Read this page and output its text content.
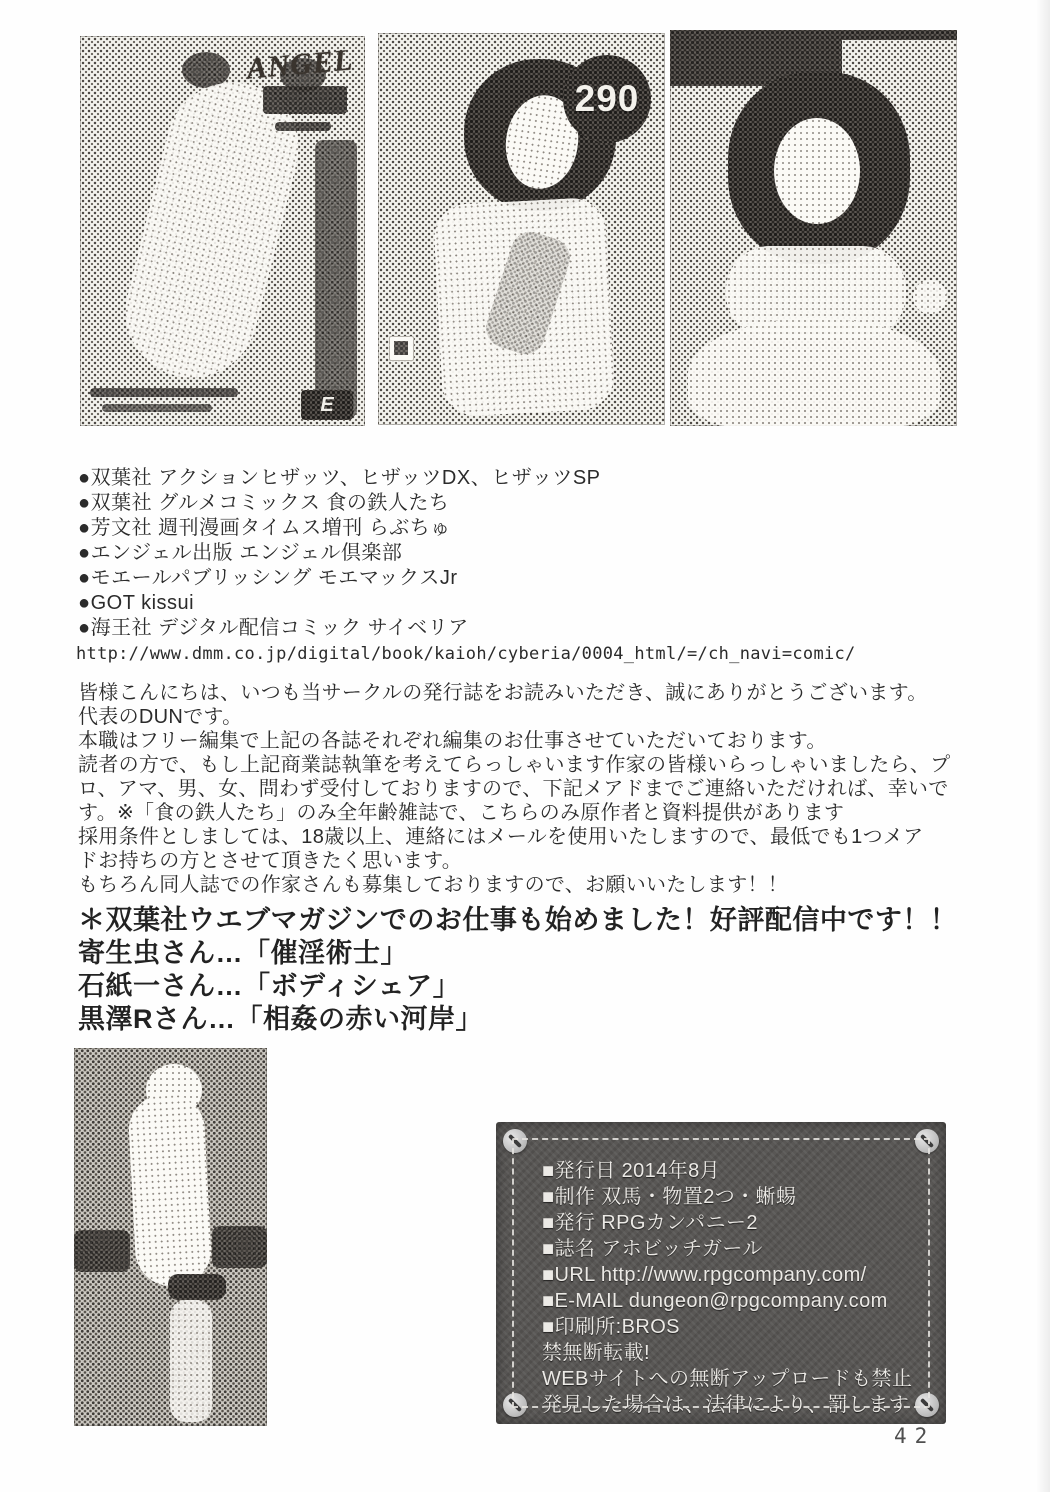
ANGEL
E
290
●双葉社 アクションヒザッツ、ヒザッツDX、ヒザッツSP
●双葉社 グルメコミックス 食の鉄人たち
●芳文社 週刊漫画タイムス増刊 らぶちゅ
●エンジェル出版 エンジェル倶楽部
●モエールパブリッシング モエマックスJr
●GOT kissui
●海王社 デジタル配信コミック サイベリア
http://www.dmm.co.jp/digital/book/kaioh/cyberia/0004_html/=/ch_navi=comic/
皆様こんにちは、いつも当サークルの発行誌をお読みいただき、誠にありがとうございます。
代表のDUNです。
本職はフリー編集で上記の各誌それぞれ編集のお仕事させていただいております。
読者の方で、もし上記商業誌執筆を考えてらっしゃいます作家の皆様いらっしゃいましたら、プ
ロ、アマ、男、女、問わず受付しておりますので、下記メアドまでご連絡いただければ、幸いで
す。※「食の鉄人たち」のみ全年齢雑誌で、こちらのみ原作者と資料提供があります
採用条件としましては、18歳以上、連絡にはメールを使用いたしますので、最低でも1つメア
ドお持ちの方とさせて頂きたく思います。
もちろん同人誌での作家さんも募集しておりますので、お願いいたします！！
＊双葉社ウエブマガジンでのお仕事も始めました！好評配信中です！！
寄生虫さん…「催淫術士」
石紙一さん…「ボディシェア」
黒澤Rさん…「相姦の赤い河岸」
■発行日 2014年8月
■制作 双馬・物置2つ・蜥蜴
■発行 RPGカンパニー2
■誌名 アホビッチガール
■URL http://www.rpgcompany.com/
■E-MAIL dungeon@rpgcompany.com
■印刷所:BROS
禁無断転載!
WEBサイトへの無断アップロードも禁止
発見した場合は、法律により、罰します
42
